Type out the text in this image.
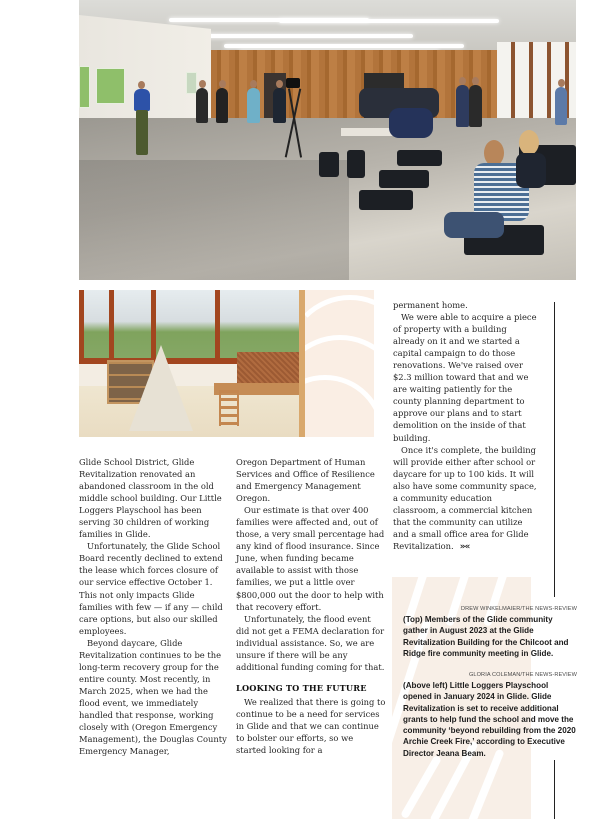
Glide School District, Glide Revitalization renovated an abandoned classroom in the old middle school building. Our Little Loggers Playschool has been serving 30 children of working families in Glide.

Unfortunately, the Glide School Board recently declined to extend the lease which forces closure of our service effective October 1. This not only impacts Glide families with few — if any — child care options, but also our skilled employees.

Beyond daycare, Glide Revitalization continues to be the long-term recovery group for the entire county. Most recently, in March 2025, when we had the flood event, we immediately handled that response, working closely with (Oregon Emergency Management), the Douglas County Emergency Manager,

Oregon Department of Human Services and Office of Resilience and Emergency Management Oregon.

Our estimate is that over 400 families were affected and, out of those, a very small percentage had any kind of flood insurance. Since June, when funding became available to assist with those families, we put a little over $800,000 out the door to help with that recovery effort.

Unfortunately, the flood event did not get a FEMA declaration for individual assistance. So, we are unsure if there will be any additional funding coming for that.

LOOKING TO THE FUTURE

We realized that there is going to continue to be a need for services in Glide and that we can continue to bolster our efforts, so we started looking for a

permanent home.

We were able to acquire a piece of property with a building already on it and we started a capital campaign to do those renovations. We've raised over $2.3 million toward that and we are waiting patiently for the county planning department to approve our plans and to start demolition on the inside of that building.

Once it's complete, the building will provide either after school or daycare for up to 100 kids. It will also have some community space, a community education classroom, a commercial kitchen that the community can utilize and a small office area for Glide Revitalization. »«

DREW WINKELMAIER/THE NEWS-REVIEW
(Top) Members of the Glide community gather in August 2023 at the Glide Revitalization Building for the Chilcoot and Ridge fire community meeting in Glide.
GLORIA COLEMAN/THE NEWS-REVIEW
(Above left) Little Loggers Playschool opened in January 2024 in Glide. Glide Revitalization is set to receive additional grants to help fund the school and move the community ‘beyond rebuilding from the 2020 Archie Creek Fire,’ according to Executive Director Jeana Beam.
